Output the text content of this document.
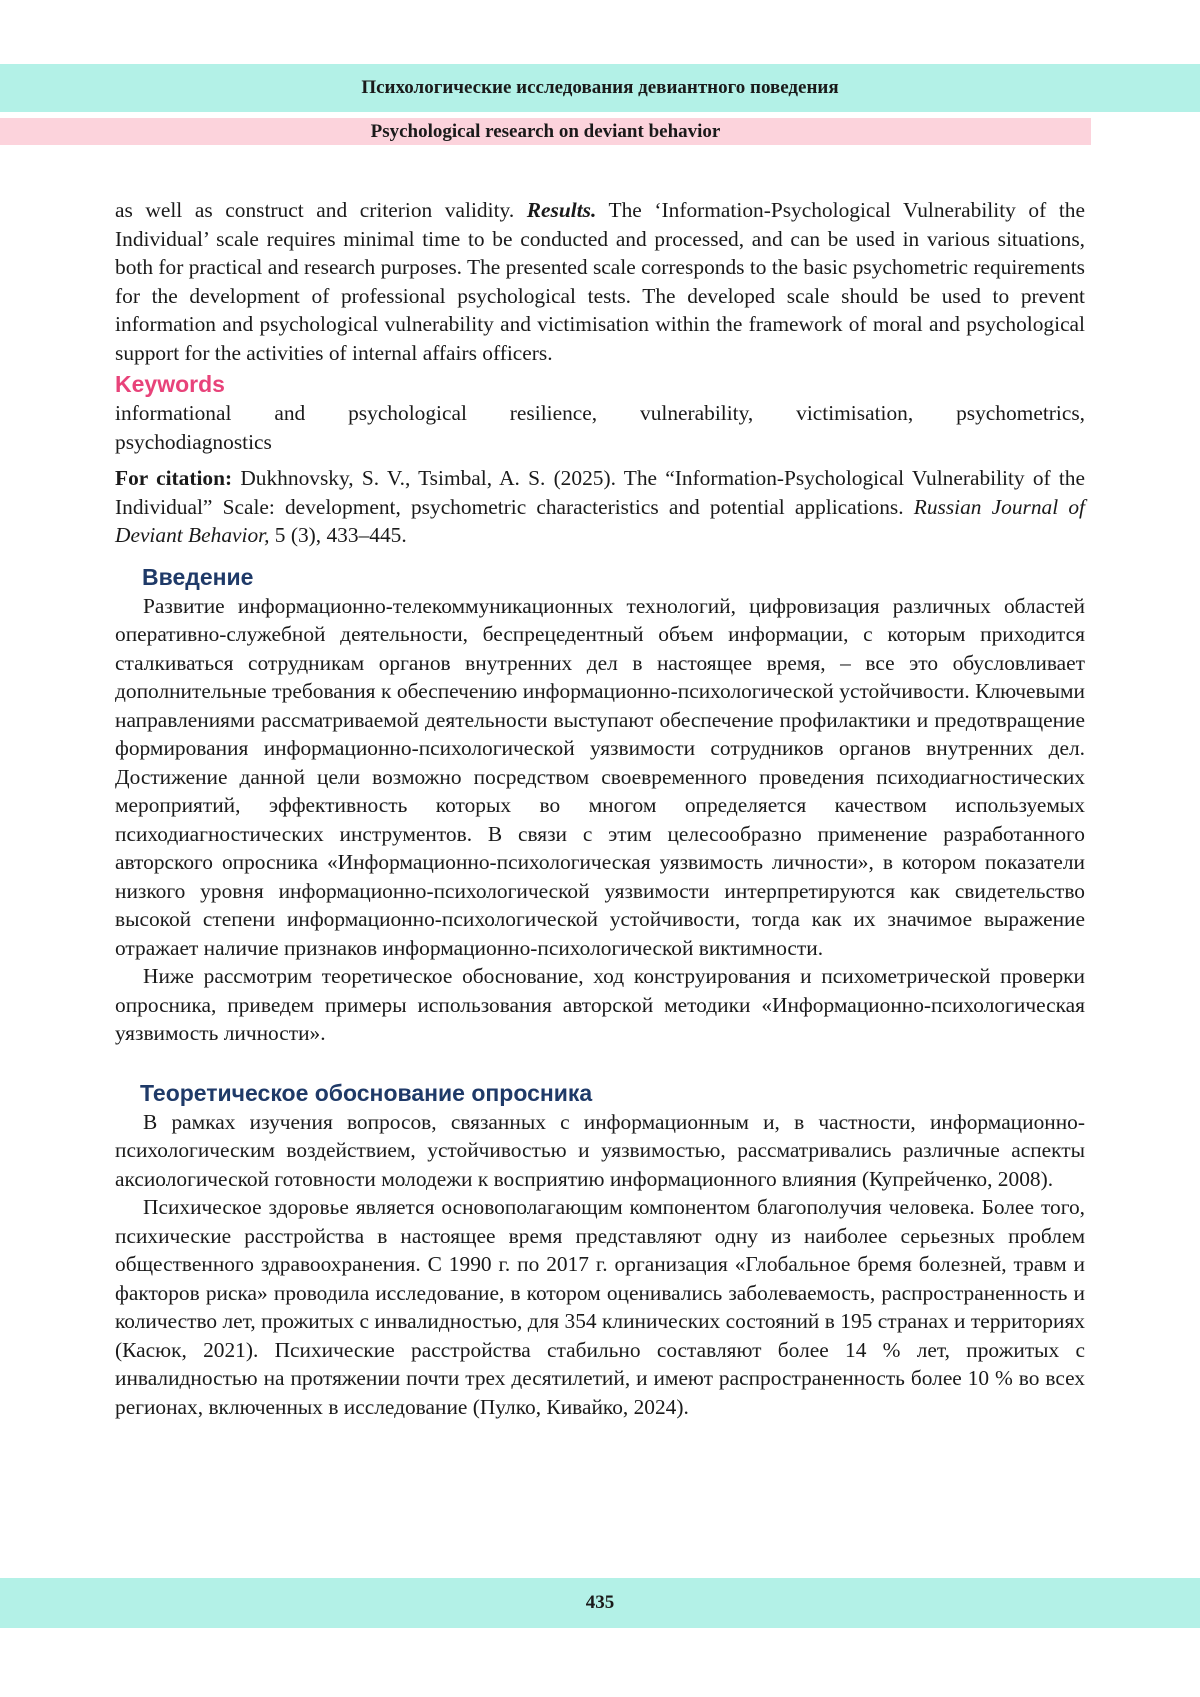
Психологические исследования девиантного поведения
Psychological research on deviant behavior

as well as construct and criterion validity. Results. The ‘Information-Psychological Vulnerability of the Individual’ scale requires minimal time to be conducted and processed, and can be used in various situations, both for practical and research purposes. The presented scale corresponds to the basic psychometric requirements for the development of professional psychological tests. The developed scale should be used to prevent information and psychological vulnerability and victimisation within the framework of moral and psychological support for the activities of internal affairs officers.

Keywords

informational and psychological resilience, vulnerability, victimisation, psychometrics,

psychodiagnostics

For citation: Dukhnovsky, S. V., Tsimbal, A. S. (2025). The “Information-Psychological Vulnerability of the Individual” Scale: development, psychometric characteristics and potential applications. Russian Journal of Deviant Behavior, 5 (3), 433–445.

Введение

Развитие информационно-телекоммуникационных технологий, цифровизация различных областей оперативно-служебной деятельности, беспрецедентный объем информации, с которым приходится сталкиваться сотрудникам органов внутренних дел в настоящее время, – все это обусловливает дополнительные требования к обеспечению информационно-психологической устойчивости. Ключевыми направлениями рассматриваемой деятельности выступают обеспечение профилактики и предотвращение формирования информационно-психологической уязвимости сотрудников органов внутренних дел. Достижение данной цели возможно посредством своевременного проведения психодиагностических мероприятий, эффективность которых во многом определяется качеством используемых психодиагностических инструментов. В связи с этим целесообразно применение разработанного авторского опросника «Информационно-психологическая уязвимость личности», в котором показатели низкого уровня информационно-психологической уязвимости интерпретируются как свидетельство высокой степени информационно-психологической устойчивости, тогда как их значимое выражение отражает наличие признаков информационно-психологической виктимности.

Ниже рассмотрим теоретическое обоснование, ход конструирования и психометрической проверки опросника, приведем примеры использования авторской методики «Информационно-психологическая уязвимость личности».

Теоретическое обоснование опросника

В рамках изучения вопросов, связанных с информационным и, в частности, информационно-психологическим воздействием, устойчивостью и уязвимостью, рассматривались различные аспекты аксиологической готовности молодежи к восприятию информационного влияния (Купрейченко, 2008).

Психическое здоровье является основополагающим компонентом благополучия человека. Более того, психические расстройства в настоящее время представляют одну из наиболее серьезных проблем общественного здравоохранения. С 1990 г. по 2017 г. организация «Глобальное бремя болезней, травм и факторов риска» проводила исследование, в котором оценивались заболеваемость, распространенность и количество лет, прожитых с инвалидностью, для 354 клинических состояний в 195 странах и территориях (Касюк, 2021). Психические расстройства стабильно составляют более 14 % лет, прожитых с инвалидностью на протяжении почти трех десятилетий, и имеют распространенность более 10 % во всех регионах, включенных в исследование (Пулко, Кивайко, 2024).

435
